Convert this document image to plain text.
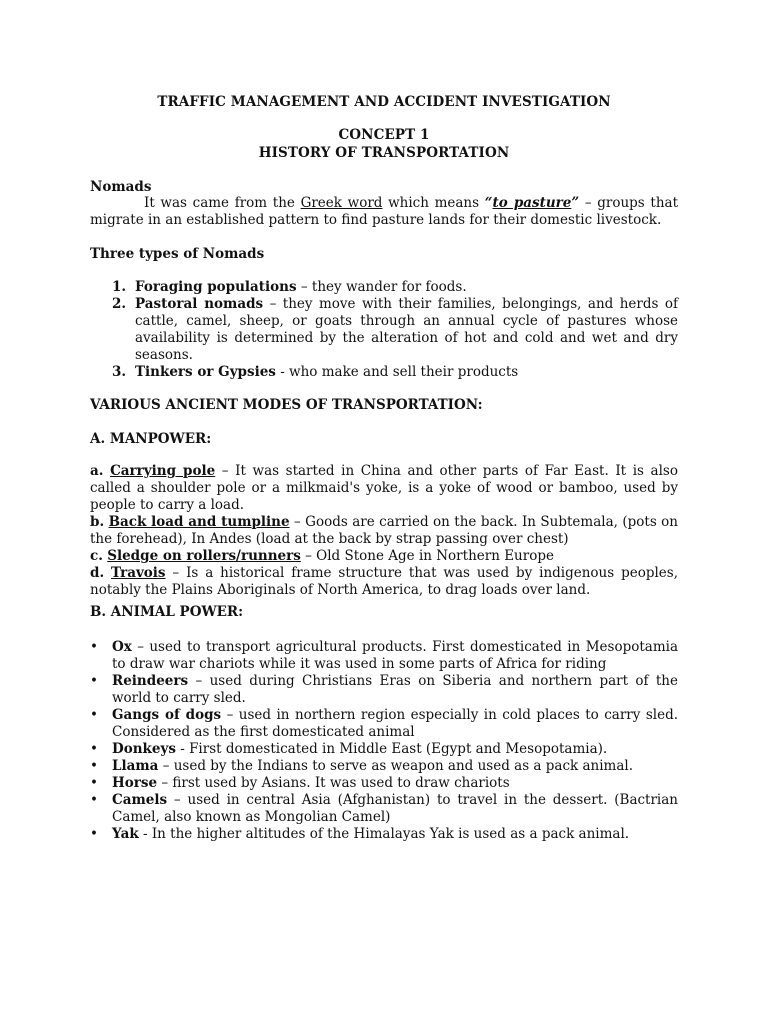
TRAFFIC MANAGEMENT AND ACCIDENT INVESTIGATION
CONCEPT 1
HISTORY OF TRANSPORTATION
Nomads
It was came from the Greek word which means “to pasture” – groups that migrate in an established pattern to find pasture lands for their domestic livestock.
Three types of Nomads
1. Foraging populations – they wander for foods.
2. Pastoral nomads – they move with their families, belongings, and herds of cattle, camel, sheep, or goats through an annual cycle of pastures whose availability is determined by the alteration of hot and cold and wet and dry seasons.
3. Tinkers or Gypsies - who make and sell their products
VARIOUS ANCIENT MODES OF TRANSPORTATION:
A. MANPOWER:
a. Carrying pole – It was started in China and other parts of Far East. It is also called a shoulder pole or a milkmaid's yoke, is a yoke of wood or bamboo, used by people to carry a load.
b. Back load and tumpline – Goods are carried on the back. In Subtemala, (pots on the forehead), In Andes (load at the back by strap passing over chest)
c. Sledge on rollers/runners – Old Stone Age in Northern Europe
d. Travois – Is a historical frame structure that was used by indigenous peoples, notably the Plains Aboriginals of North America, to drag loads over land.
B. ANIMAL POWER:
• Ox – used to transport agricultural products. First domesticated in Mesopotamia to draw war chariots while it was used in some parts of Africa for riding
• Reindeers – used during Christians Eras on Siberia and northern part of the world to carry sled.
• Gangs of dogs – used in northern region especially in cold places to carry sled. Considered as the first domesticated animal
• Donkeys - First domesticated in Middle East (Egypt and Mesopotamia).
• Llama – used by the Indians to serve as weapon and used as a pack animal.
• Horse – first used by Asians. It was used to draw chariots
• Camels – used in central Asia (Afghanistan) to travel in the dessert. (Bactrian Camel, also known as Mongolian Camel)
• Yak - In the higher altitudes of the Himalayas Yak is used as a pack animal.
